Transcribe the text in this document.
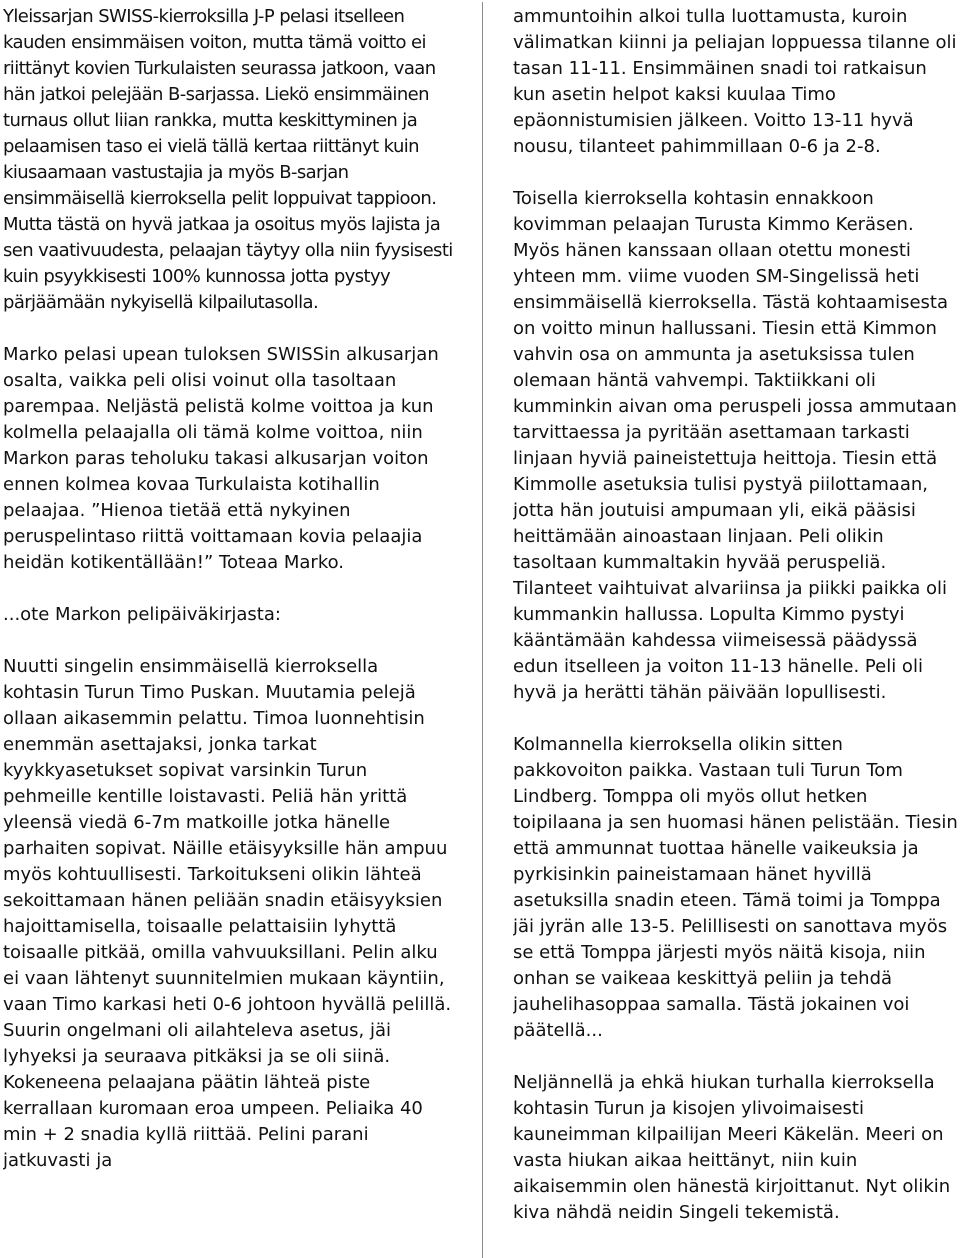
Yleissarjan SWISS-kierroksilla J-P pelasi itselleen kauden ensimmäisen voiton, mutta tämä voitto ei riittänyt kovien Turkulaisten seurassa jatkoon, vaan hän jatkoi pelejään B-sarjassa. Liekö ensimmäinen turnaus ollut liian rankka, mutta keskittyminen ja pelaamisen taso ei vielä tällä kertaa riittänyt kuin kiusaamaan vastustajia ja myös B-sarjan ensimmäisellä kierroksella pelit loppuivat tappioon. Mutta tästä on hyvä jatkaa ja osoitus myös lajista ja sen vaativuudesta, pelaajan täytyy olla niin fyysisesti kuin psyykkisesti 100% kunnossa jotta pystyy pärjäämään nykyisellä kilpailutasolla.

Marko pelasi upean tuloksen SWISSin alkusarjan osalta, vaikka peli olisi voinut olla tasoltaan parempaa. Neljästä pelistä kolme voittoa ja kun kolmella pelaajalla oli tämä kolme voittoa, niin Markon paras teholuku takasi alkusarjan voiton ennen kolmea kovaa Turkulaista kotihallin pelaajaa. ”Hienoa tietää että nykyinen peruspelintaso riittä voittamaan kovia pelaajia heidän kotikentällään!” Toteaa Marko.

...ote Markon pelipäiväkirjasta:

Nuutti singelin ensimmäisellä kierroksella kohtasin Turun Timo Puskan. Muutamia pelejä ollaan aikasemmin pelattu. Timoa luonnehtisin enemmän asettajaksi, jonka tarkat kyykkyasetukset sopivat varsinkin Turun pehmeille kentille loistavasti. Peliä hän yrittä yleensä viedä 6-7m matkoille jotka hänelle parhaiten sopivat. Näille etäisyyksille hän ampuu myös kohtuullisesti. Tarkoitukseni olikin lähteä sekoittamaan hänen peliään snadin etäisyyksien hajoittamisella, toisaalle pelattaisiin lyhyttä toisaalle pitkää, omilla vahvuuksillani. Pelin alku ei vaan lähtenyt suunnitelmien mukaan käyntiin, vaan Timo karkasi heti 0-6 johtoon hyvällä pelillä. Suurin ongelmani oli ailahteleva asetus, jäi lyhyeksi ja seuraava pitkäksi ja se oli siinä. Kokeneena pelaajana päätin lähteä piste kerrallaan kuromaan eroa umpeen. Peliaika 40 min + 2 snadia kyllä riittää. Pelini parani jatkuvasti ja

ammuntoihin alkoi tulla luottamusta, kuroin välimatkan kiinni ja peliajan loppuessa tilanne oli tasan 11-11. Ensimmäinen snadi toi ratkaisun kun asetin helpot kaksi kuulaa Timo epäonnistumisien jälkeen. Voitto 13-11 hyvä nousu, tilanteet pahimmillaan 0-6 ja 2-8.

Toisella kierroksella kohtasin ennakkoon kovimman pelaajan Turusta Kimmo Keräsen. Myös hänen kanssaan ollaan otettu monesti yhteen mm. viime vuoden SM-Singelissä heti ensimmäisellä kierroksella. Tästä kohtaamisesta on voitto minun hallussani. Tiesin että Kimmon vahvin osa on ammunta ja asetuksissa tulen olemaan häntä vahvempi. Taktiikkani oli kumminkin aivan oma peruspeli jossa ammutaan tarvittaessa ja pyritään asettamaan tarkasti linjaan hyviä paineistettuja heittoja. Tiesin että Kimmolle asetuksia tulisi pystyä piilottamaan, jotta hän joutuisi ampumaan yli, eikä pääsisi heittämään ainoastaan linjaan. Peli olikin tasoltaan kummaltakin hyvää peruspeliä. Tilanteet vaihtuivat alvariinsa ja piikki paikka oli kummankin hallussa. Lopulta Kimmo pystyi kääntämään kahdessa viimeisessä päädyssä edun itselleen ja voiton 11-13 hänelle. Peli oli hyvä ja herätti tähän päivään lopullisesti.

Kolmannella kierroksella olikin sitten pakkovoiton paikka. Vastaan tuli Turun Tom Lindberg. Tomppa oli myös ollut hetken toipilaana ja sen huomasi hänen pelistään. Tiesin että ammunnat tuottaa hänelle vaikeuksia ja pyrkisinkin paineistamaan hänet hyvillä asetuksilla snadin eteen. Tämä toimi ja Tomppa jäi jyrän alle 13-5. Pelillisesti on sanottava myös se että Tomppa järjesti myös näitä kisoja, niin onhan se vaikeaa keskittyä peliin ja tehdä jauhelihasoppaa samalla. Tästä jokainen voi päätellä...

Neljännellä ja ehkä hiukan turhalla kierroksella kohtasin Turun ja kisojen ylivoimaisesti kauneimman kilpailijan Meeri Käkelän. Meeri on vasta hiukan aikaa heittänyt, niin kuin aikaisemmin olen hänestä kirjoittanut. Nyt olikin kiva nähdä neidin Singeli tekemistä.
